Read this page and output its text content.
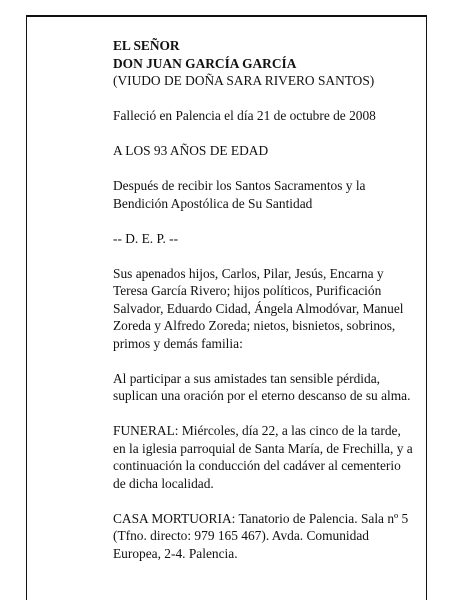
EL SEÑOR
DON JUAN GARCÍA GARCÍA
(VIUDO DE DOÑA SARA RIVERO SANTOS)
Falleció en Palencia el día 21 de octubre de 2008
A LOS 93 AÑOS DE EDAD
Después de recibir los Santos Sacramentos y la
Bendición Apostólica de Su Santidad
-- D. E. P. --
Sus apenados hijos, Carlos, Pilar, Jesús, Encarna y
Teresa García Rivero; hijos políticos, Purificación
Salvador, Eduardo Cidad, Ángela Almodóvar, Manuel
Zoreda y Alfredo Zoreda; nietos, bisnietos, sobrinos,
primos y demás familia:
Al participar a sus amistades tan sensible pérdida,
suplican una oración por el eterno descanso de su alma.
FUNERAL: Miércoles, día 22, a las cinco de la tarde,
en la iglesia parroquial de Santa María, de Frechilla, y a
continuación la conducción del cadáver al cementerio
de dicha localidad.
CASA MORTUORIA: Tanatorio de Palencia. Sala nº 5
(Tfno. directo: 979 165 467). Avda. Comunidad
Europea, 2-4. Palencia.
